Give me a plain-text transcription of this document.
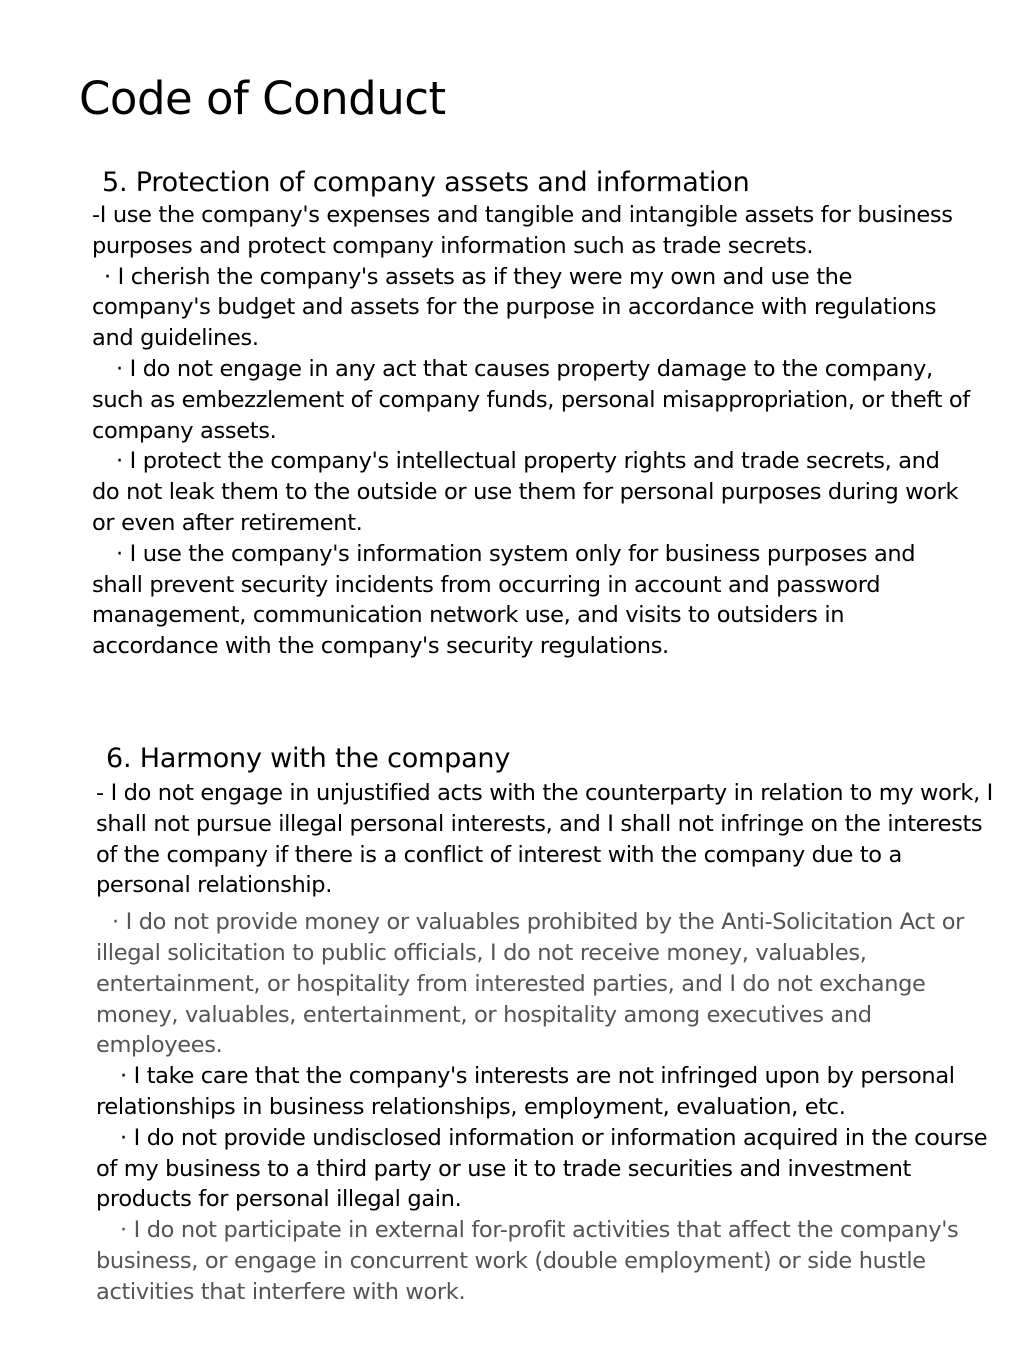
Code of Conduct
5. Protection of company assets and information

-I use the company's expenses and tangible and intangible assets for business purposes and protect company information such as trade secrets.

· I cherish the company's assets as if they were my own and use the company's budget and assets for the purpose in accordance with regulations and guidelines.

· I do not engage in any act that causes property damage to the company, such as embezzlement of company funds, personal misappropriation, or theft of company assets.

· I protect the company's intellectual property rights and trade secrets, and do not leak them to the outside or use them for personal purposes during work or even after retirement.

· I use the company's information system only for business purposes and shall prevent security incidents from occurring in account and password management, communication network use, and visits to outsiders in accordance with the company's security regulations.

6. Harmony with the company

- I do not engage in unjustified acts with the counterparty in relation to my work, I shall not pursue illegal personal interests, and I shall not infringe on the interests of the company if there is a conflict of interest with the company due to a personal relationship.

· I do not provide money or valuables prohibited by the Anti-Solicitation Act or illegal solicitation to public officials, I do not receive money, valuables, entertainment, or hospitality from interested parties, and I do not exchange money, valuables, entertainment, or hospitality among executives and employees.

· I take care that the company's interests are not infringed upon by personal relationships in business relationships, employment, evaluation, etc.

· I do not provide undisclosed information or information acquired in the course of my business to a third party or use it to trade securities and investment products for personal illegal gain.

· I do not participate in external for-profit activities that affect the company's business, or engage in concurrent work (double employment) or side hustle activities that interfere with work.
